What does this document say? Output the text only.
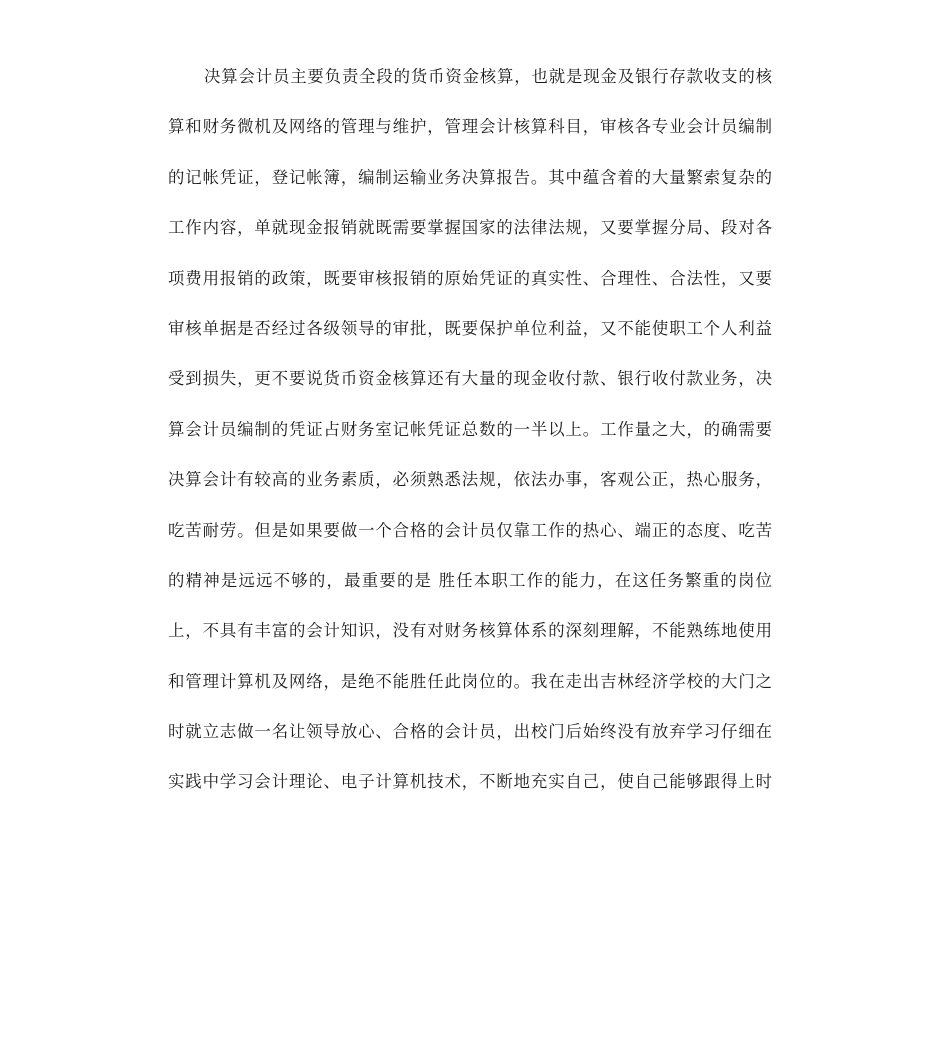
决算会计员主要负责全段的货币资金核算，也就是现金及银行存款收支的核
算和财务微机及网络的管理与维护，管理会计核算科目，审核各专业会计员编制
的记帐凭证，登记帐簿，编制运输业务决算报告。其中蕴含着的大量繁索复杂的
工作内容，单就现金报销就既需要掌握国家的法律法规，又要掌握分局、段对各
项费用报销的政策，既要审核报销的原始凭证的真实性、合理性、合法性，又要
审核单据是否经过各级领导的审批，既要保护单位利益，又不能使职工个人利益
受到损失，更不要说货币资金核算还有大量的现金收付款、银行收付款业务，决
算会计员编制的凭证占财务室记帐凭证总数的一半以上。工作量之大，的确需要
决算会计有较高的业务素质，必须熟悉法规，依法办事，客观公正，热心服务，
吃苦耐劳。但是如果要做一个合格的会计员仅靠工作的热心、端正的态度、吃苦
的精神是远远不够的，最重要的是 胜任本职工作的能力，在这任务繁重的岗位
上，不具有丰富的会计知识，没有对财务核算体系的深刻理解，不能熟练地使用
和管理计算机及网络，是绝不能胜任此岗位的。我在走出吉林经济学校的大门之
时就立志做一名让领导放心、合格的会计员，出校门后始终没有放弃学习仔细在
实践中学习会计理论、电子计算机技术，不断地充实自己，使自己能够跟得上时
